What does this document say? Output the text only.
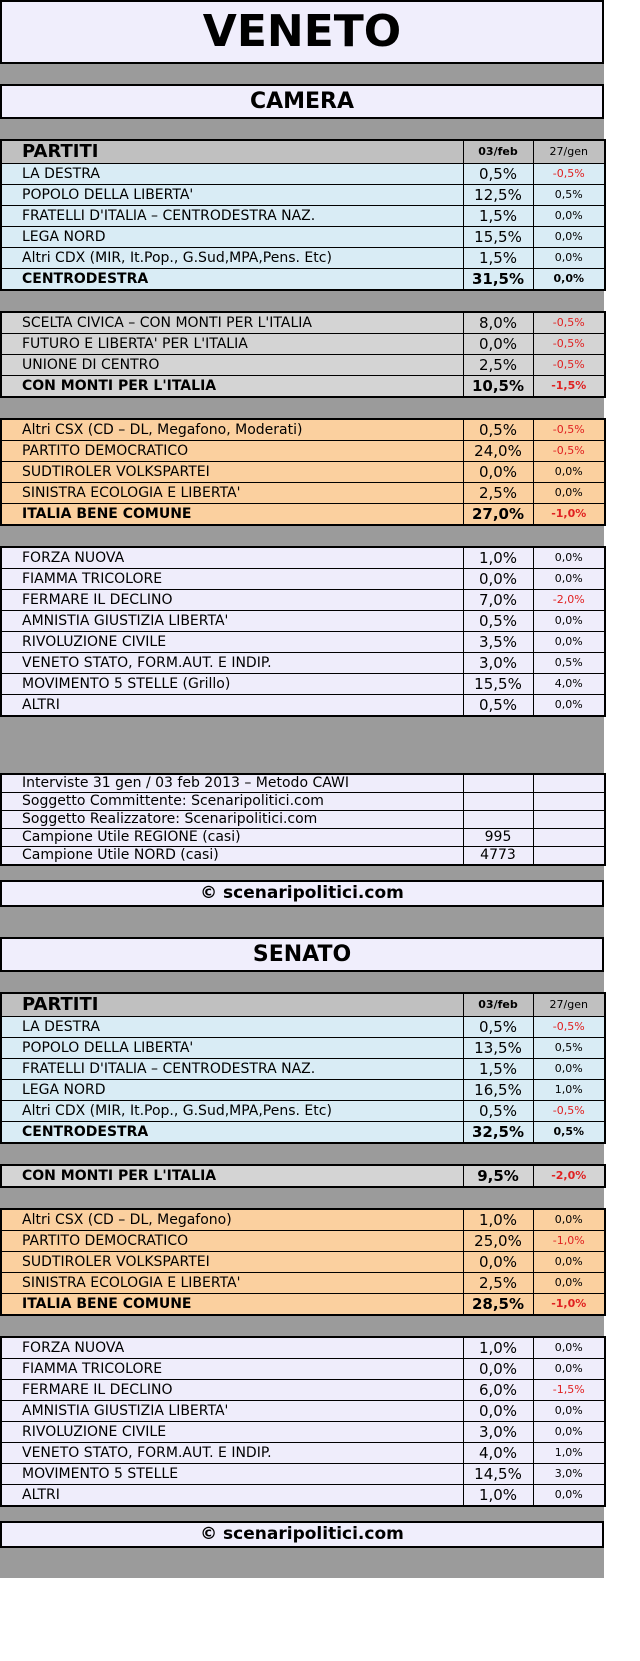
VENETO
CAMERA
PARTITI	03/feb	27/gen
LA DESTRA	0,5%	-0,5%
POPOLO DELLA LIBERTA'	12,5%	0,5%
FRATELLI D'ITALIA – CENTRODESTRA NAZ.	1,5%	0,0%
LEGA NORD	15,5%	0,0%
Altri CDX (MIR, It.Pop., G.Sud,MPA,Pens. Etc)	1,5%	0,0%
CENTRODESTRA	31,5%	0,0%
SCELTA CIVICA – CON MONTI PER L'ITALIA	8,0%	-0,5%
FUTURO E LIBERTA' PER L'ITALIA	0,0%	-0,5%
UNIONE DI CENTRO	2,5%	-0,5%
CON MONTI PER L'ITALIA	10,5%	-1,5%
Altri CSX (CD – DL, Megafono, Moderati)	0,5%	-0,5%
PARTITO DEMOCRATICO	24,0%	-0,5%
SUDTIROLER VOLKSPARTEI	0,0%	0,0%
SINISTRA ECOLOGIA E LIBERTA'	2,5%	0,0%
ITALIA BENE COMUNE	27,0%	-1,0%
FORZA NUOVA	1,0%	0,0%
FIAMMA TRICOLORE	0,0%	0,0%
FERMARE IL DECLINO	7,0%	-2,0%
AMNISTIA GIUSTIZIA LIBERTA'	0,5%	0,0%
RIVOLUZIONE CIVILE	3,5%	0,0%
VENETO STATO, FORM.AUT. E INDIP.	3,0%	0,5%
MOVIMENTO 5 STELLE (Grillo)	15,5%	4,0%
ALTRI	0,5%	0,0%
Interviste 31 gen / 03 feb 2013 – Metodo CAWI		
Soggetto Committente: Scenaripolitici.com		
Soggetto Realizzatore: Scenaripolitici.com		
Campione Utile REGIONE (casi)	995	
Campione Utile NORD (casi)	4773	
© scenaripolitici.com
SENATO
PARTITI	03/feb	27/gen
LA DESTRA	0,5%	-0,5%
POPOLO DELLA LIBERTA'	13,5%	0,5%
FRATELLI D'ITALIA – CENTRODESTRA NAZ.	1,5%	0,0%
LEGA NORD	16,5%	1,0%
Altri CDX (MIR, It.Pop., G.Sud,MPA,Pens. Etc)	0,5%	-0,5%
CENTRODESTRA	32,5%	0,5%
CON MONTI PER L'ITALIA	9,5%	-2,0%
Altri CSX (CD – DL, Megafono)	1,0%	0,0%
PARTITO DEMOCRATICO	25,0%	-1,0%
SUDTIROLER VOLKSPARTEI	0,0%	0,0%
SINISTRA ECOLOGIA E LIBERTA'	2,5%	0,0%
ITALIA BENE COMUNE	28,5%	-1,0%
FORZA NUOVA	1,0%	0,0%
FIAMMA TRICOLORE	0,0%	0,0%
FERMARE IL DECLINO	6,0%	-1,5%
AMNISTIA GIUSTIZIA LIBERTA'	0,0%	0,0%
RIVOLUZIONE CIVILE	3,0%	0,0%
VENETO STATO, FORM.AUT. E INDIP.	4,0%	1,0%
MOVIMENTO 5 STELLE	14,5%	3,0%
ALTRI	1,0%	0,0%
© scenaripolitici.com
